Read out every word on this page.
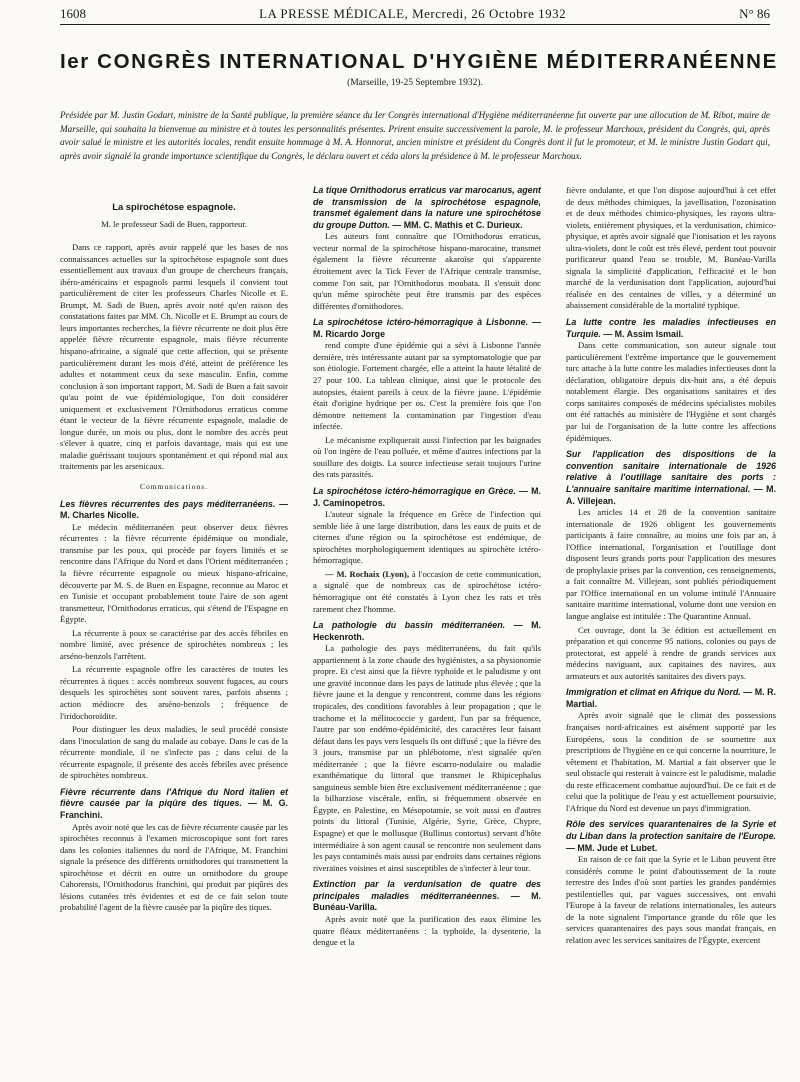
1608	LA PRESSE MÉDICALE, Mercredi, 26 Octobre 1932	N° 86
Ier CONGRÈS INTERNATIONAL D'HYGIÈNE MÉDITERRANÉENNE
(Marseille, 19-25 Septembre 1932).
Présidée par M. Justin Godart, ministre de la Santé publique, la première séance du Ier Congrès international d'Hygiène méditerranéenne fut ouverte par une allocution de M. Ribot, maire de Marseille, qui souhaita la bienvenue au ministre et à toutes les personnalités présentes. Prirent ensuite successivement la parole, M. le professeur Marchoux, président du Congrès, qui, après avoir salué le ministre et les autorités locales, rendit ensuite hommage à M. A. Honnorat, ancien ministre et président du Congrès dont il fut le promoteur, et M. le ministre Justin Godart qui, après avoir signalé la grande importance scientifique du Congrès, le déclara ouvert et céda alors la présidence à M. le professeur Marchoux.
La spirochétose espagnole.
M. le professeur Sadi de Buen, rapporteur.

Dans ce rapport, après avoir rappelé que les bases de nos connaissances actuelles sur la spirochétose espagnole sont dues essentiellement aux travaux d'un groupe de chercheurs français, ibéro-américains et espagnols parmi lesquels il convient tout particulièrement de citer les professeurs Charles Nicolle et E. Brumpt, M. Sadi de Buen, après avoir noté qu'en raison des constatations faites par MM. Ch. Nicolle et E. Brumpt au cours de leurs importantes recherches, la fièvre récurrente ne doit plus être appelée fièvre récurrente espagnole, mais fièvre récurrente hispano-africaine, a signalé que cette affection, qui se présente particulièrement durant les mois d'été, atteint de préférence les adultes et notamment ceux du sexe masculin. Enfin, comme conclusion à son important rapport, M. Sadi de Buen a fait savoir qu'au point de vue épidémiologique, l'on doit considérer uniquement et exclusivement l'Ornithodorus erraticus comme étant le vecteur de la fièvre récurrente espagnole, maladie de longue durée, un mois ou plus, dont le nombre des accès peut s'élever à quatre, cinq et parfois davantage, mais qui est une maladie guérissant toujours spontanément et qui répond mal aux traitements par les arsenicaux.

Communications.
Les fièvres récurrentes des pays méditerranéens. — M. Charles Nicolle.

Le médecin méditerranéen peut observer deux fièvres récurrentes : la fièvre récurrente épidémique ou mondiale, transmise par les poux, qui procède par foyers limités et se rencontre dans l'Afrique du Nord et dans l'Orient méditerranéen ; la fièvre récurrente espagnole ou mieux hispano-africaine, découverte par M. S. de Buen en Espagne, reconnue au Maroc et en Tunisie et occupant probablement toute l'aire de son agent transmetteur, l'Ornithodorus erraticus, qui s'étend de l'Espagne en Égypte.

La récurrente à poux se caractérise par des accès fébriles en nombre limité, avec présence de spirochètes nombreux ; les arséno-benzols l'arrêtent.

La récurrente espagnole offre les caractères de toutes les récurrentes à tiques : accès nombreux souvent fugaces, au cours desquels les spirochètes sont souvent rares, parfois absents ; action médiocre des arséno-benzols ; fréquence de l'iridochoroïdite.

Pour distinguer les deux maladies, le seul procédé consiste dans l'inoculation de sang du malade au cobaye. Dans le cas de la récurrente mondiale, il ne s'infecte pas ; dans celui de la récurrente espagnole, il présente des accès fébriles avec présence de spirochètes nombreux.

Fièvre récurrente dans l'Afrique du Nord italien et fièvre causée par la piqûre des tiques. — M. G. Franchini.

Après avoir noté que les cas de fièvre récurrente causée par les spirochètes reconnus à l'examen microscopique sont fort rares dans les colonies italiennes du nord de l'Afrique, M. Franchini signale la présence des différents ornithodores qui transmettent la spirochétose et décrit en outre un ornithodore du groupe Cahorensis, l'Ornithodorus franchini, qui produit par piqûres des lésions cutanées très évidentes et est de ce fait selon toute probabilité l'agent de la fièvre causée par la piqûre des tiques.

La tique Ornithodorus erraticus var marocanus, agent de transmission de la spirochétose espagnole, transmet également dans la nature une spirochétose du groupe Dutton. — MM. C. Mathis et C. Durieux.

Les auteurs font connaître que l'Ornithodorus erraticus, vecteur normal de la spirochétose hispano-marocaine, transmet également la fièvre récurrente akaroïse qui s'apparente étroitement avec la Tick Fever de l'Afrique centrale transmise, comme l'on sait, par l'Ornithodorus moubata. Il s'ensuit donc qu'un même spirochète peut être transmis par des espèces différentes d'ornithodores.

La spirochétose ictéro-hémorragique à Lisbonne. — M. Ricardo Jorge

rend compte d'une épidémie qui a sévi à Lisbonne l'année dernière, très intéressante autant par sa symptomatologie que par son étiologie. Fortement chargée, elle a atteint la haute létalité de 27 pour 100. La tableau clinique, ainsi que le protocole des autopsies, étaient pareils à ceux de la fièvre jaune. L'épidémie était d'origine hydrique per os. C'est la première fois que l'on démontre nettement la contamination par l'ingestion d'eau infectée.

Le mécanisme expliquerait aussi l'infection par les baignades où l'on ingère de l'eau polluée, et même d'autres infections par la souillure des doigts. La source infectieuse serait toujours l'urine des rats parasités.

La spirochétose ictéro-hémorragique en Grèce. — M. J. Caminopetros.

L'auteur signale la fréquence en Grèce de l'infection qui semble liée à une large distribution, dans les eaux de puits et de citernes d'une région ou la spirochétose est endémique, de spirochètes morphologiquement identiques au spirochète ictéro-hémorragique.

— M. Rochaix (Lyon), à l'occasion de cette communication, a signalé que de nombreux cas de spirochétose ictéro-hémorragique ont été constatés à Lyon chez les rats et très rarement chez l'homme.

La pathologie du bassin méditerranéen. — M. Heckenroth.

La pathologie des pays méditerranéens, du fait qu'ils appartiennent à la zone chaude des hygiénistes, a sa physionomie propre. Et c'est ainsi que la fièvre typhoïde et le paludisme y ont une gravité inconnue dans les pays de latitude plus élevée ; que la fièvre jaune et la dengue y rencontrent, comme dans les régions tropicales, des conditions favorables à leur propagation ; que le trachome et la mélitococcie y gardent, l'un par sa fréquence, l'autre par son endémo-épidémicité, des caractères leur faisant défaut dans les pays vers lesquels ils ont diffusé ; que la fièvre des 3 jours, transmise par un phlébotome, n'est signalée qu'en méditerranée ; que la fièvre escarro-nodulaire ou maladie exanthématique du littoral que transmet le Rhipicephalus sanguineus semble bien être exclusivement méditerranéenne ; que la bilharziose viscérale, enfin, si fréquemment observée en Égypte, en Palestine, en Mésopotamie, se voit aussi en d'autres points du littoral (Tunisie, Algérie, Syrie, Grèce, Chypre, Espagne) et que le mollusque (Bullinus contortus) servant d'hôte intermédiaire à son agent causal se rencontre non seulement dans les pays contaminés mais aussi par endroits dans certaines régions riveraines voisines et ainsi susceptibles de s'infecter à leur tour.

Extinction par la verdunisation de quatre des principales maladies méditerranéennes. — M. Bunéau-Varilla.

Après avoir noté que la purification des eaux élimine les quatre fléaux méditerranéens : la typhoïde, la dysenterie, la dengue et la

fièvre ondulante, et que l'on dispose aujourd'hui à cet effet de deux méthodes chimiques, la javellisation, l'ozonisation et de deux méthodes chimico-physiques, les rayons ultra-violets, entièrement physiques, et la verdunisation, chimico-physique, et après avoir signalé que l'ionisation et les rayons ultra-violets, dont le coût est très élevé, perdent tout pouvoir purificateur quand l'eau se trouble, M. Bunéau-Varilla signala la simplicité d'application, l'efficacité et le bon marché de la verdunisation dont l'application, aujourd'hui réalisée en des centaines de villes, y a déterminé un abaissement considérable de la mortalité typhique.

La lutte contre les maladies infectieuses en Turquie. — M. Assim Ismail.

Dans cette communication, son auteur signale tout particulièrement l'extrême importance que le gouvernement turc attache à la lutte contre les maladies infectieuses dont la déclaration, obligatoire depuis dix-huit ans, a été depuis notablement élargie. Des organisations sanitaires et des corps sanitaires composés de médecins spécialistes mobiles ont été rattachés au ministère de l'Hygiène et sont chargés par lui de l'organisation de la lutte contre les affections épidémiques.

Sur l'application des dispositions de la convention sanitaire internationale de 1926 relative à l'outillage sanitaire des ports : L'annuaire sanitaire maritime international. — M. A. Villejean.

Les articles 14 et 28 de la convention sanitaire internationale de 1926 obligent les gouvernements participants à faire connaître, au moins une fois par an, à l'Office international, l'organisation et l'outillage dont disposent leurs grands ports pour l'application des mesures de prophylaxie prises par la convention, ces renseignements, a fait connaître M. Villejean, sont publiés périodiquement par l'Office international en un volume intitulé l'Annuaire sanitaire maritime international, volume dont une version en langue anglaise est intitulée : The Quarantine Annual.

Cet ouvrage, dont la 3e édition est actuellement en préparation et qui concerne 95 nations, colonies ou pays de protectorat, est appelé à rendre de grands services aux médecins naviguant, aux capitaines des navires, aux armateurs et aux autorités sanitaires des divers pays.

Immigration et climat en Afrique du Nord. — M. R. Martial.

Après avoir signalé que le climat des possessions françaises nord-africaines est aisément supporté par les Européens, sous la condition de se soumettre aux prescriptions de l'hygiène en ce qui concerne la nourriture, le vêtement et l'habitation, M. Martial a fait observer que le seul obstacle qui resterait à vaincre est le paludisme, maladie du reste efficacement combattue aujourd'hui. De ce fait et de celui que la politique de l'eau y est actuellement poursuivie, l'Afrique du Nord est devenue un pays d'immigration.

Rôle des services quarantenaires de la Syrie et du Liban dans la protection sanitaire de l'Europe. — MM. Jude et Lubet.

En raison de ce fait que la Syrie et le Liban peuvent être considérés comme le point d'aboutissement de la route terrestre des Indes d'où sont parties les grandes pandémies pestilentielles qui, par vagues successives, ont envahi l'Europe à la faveur de relations internationales, les auteurs de la note signalent l'importance grande du rôle que les services quarantenaires des pays sous mandat français, en relation avec les services sanitaires de l'Égypte, exercent
